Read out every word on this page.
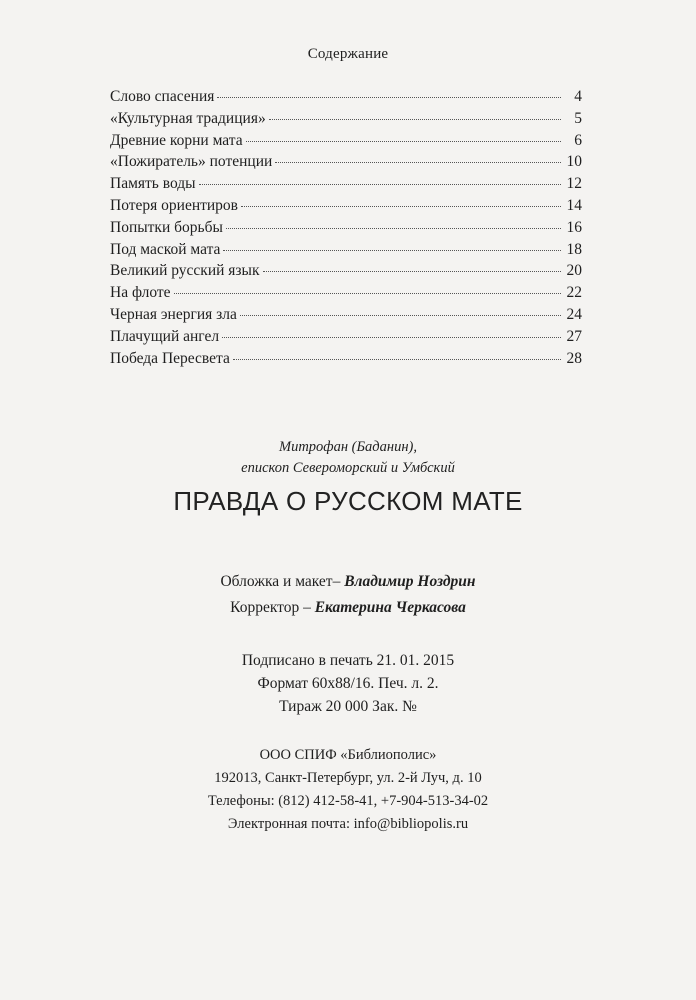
Содержание
Слово спасения	4
«Культурная традиция»	5
Древние корни мата	6
«Пожиратель» потенции	10
Память воды	12
Потеря ориентиров	14
Попытки борьбы	16
Под маской мата	18
Великий русский язык	20
На флоте	22
Черная энергия зла	24
Плачущий ангел	27
Победа Пересвета	28
Митрофан (Баданин),
епископ Североморский и Умбский
ПРАВДА О РУССКОМ МАТЕ
Обложка и макет– Владимир Ноздрин
Корректор – Екатерина Черкасова
Подписано в печать 21. 01. 2015
Формат 60х88/16. Печ. л. 2.
Тираж 20 000 Зак. №
ООО СПИФ «Библиополис»
192013, Санкт-Петербург, ул. 2-й Луч, д. 10
Телефоны: (812) 412-58-41, +7-904-513-34-02
Электронная почта: info@bibliopolis.ru
